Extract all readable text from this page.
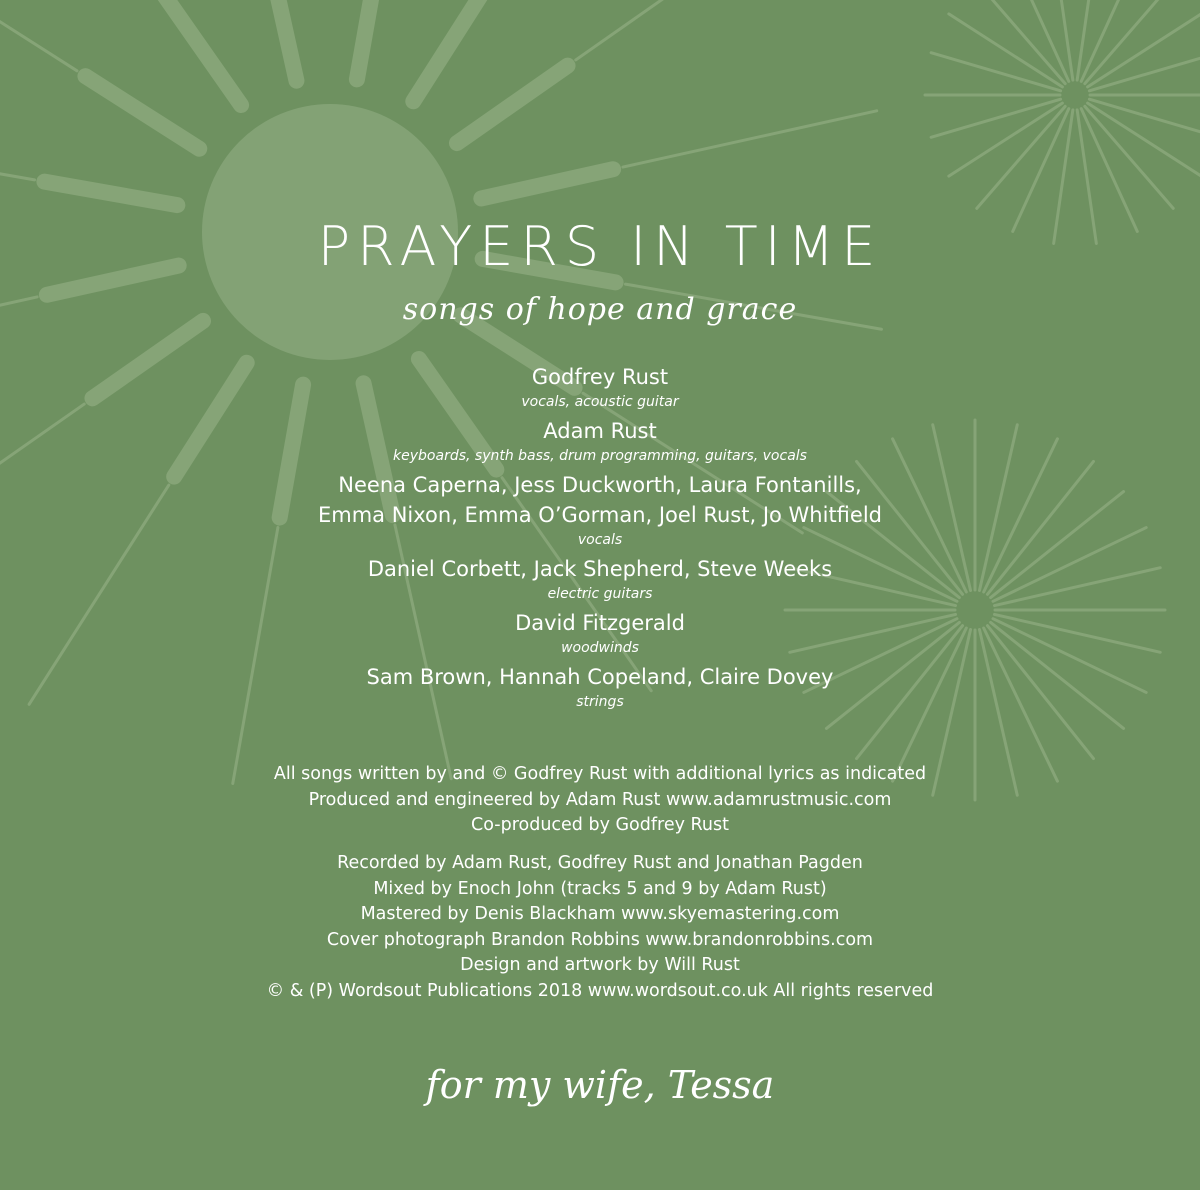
PRAYERS IN TIME
songs of hope and grace
Godfrey Rust
vocals, acoustic guitar
Adam Rust
keyboards, synth bass, drum programming, guitars, vocals
Neena Caperna, Jess Duckworth, Laura Fontanills,
Emma Nixon, Emma O’Gorman, Joel Rust, Jo Whitfield
vocals
Daniel Corbett, Jack Shepherd, Steve Weeks
electric guitars
David Fitzgerald
woodwinds
Sam Brown, Hannah Copeland, Claire Dovey
strings
All songs written by and © Godfrey Rust with additional lyrics as indicated
Produced and engineered by Adam Rust www.adamrustmusic.com
Co-produced by Godfrey Rust
Recorded by Adam Rust, Godfrey Rust and Jonathan Pagden
Mixed by Enoch John (tracks 5 and 9 by Adam Rust)
Mastered by Denis Blackham www.skyemastering.com
Cover photograph Brandon Robbins www.brandonrobbins.com
Design and artwork by Will Rust
© & (P) Wordsout Publications 2018 www.wordsout.co.uk All rights reserved
for my wife, Tessa
